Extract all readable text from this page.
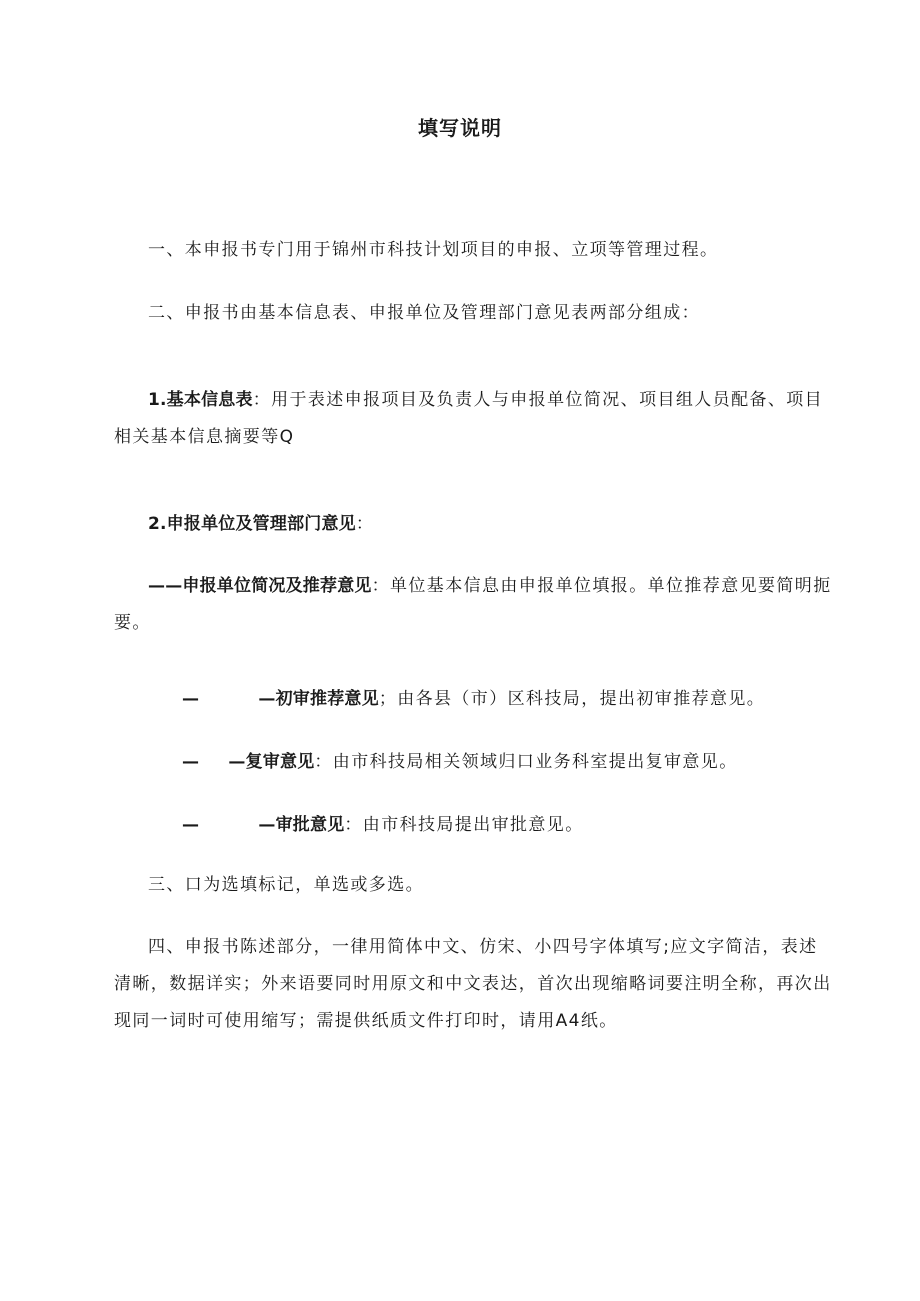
填写说明

一、本申报书专门用于锦州市科技计划项目的申报、立项等管理过程。

二、申报书由基本信息表、申报单位及管理部门意见表两部分组成：

1.基本信息表：用于表述申报项目及负责人与申报单位简况、项目组人员配备、项目相关基本信息摘要等Q

2.申报单位及管理部门意见：

——申报单位简况及推荐意见：单位基本信息由申报单位填报。单位推荐意见要简明扼要。

—	—初审推荐意见；由各县（市）区科技局，提出初审推荐意见。

— —复审意见：由市科技局相关领域归口业务科室提出复审意见。

—	—审批意见：由市科技局提出审批意见。

三、口为选填标记，单选或多选。

四、申报书陈述部分，一律用简体中文、仿宋、小四号字体填写;应文字简洁，表述清晰，数据详实；外来语要同时用原文和中文表达，首次出现缩略词要注明全称，再次出现同一词时可使用缩写；需提供纸质文件打印时，请用A4纸。
